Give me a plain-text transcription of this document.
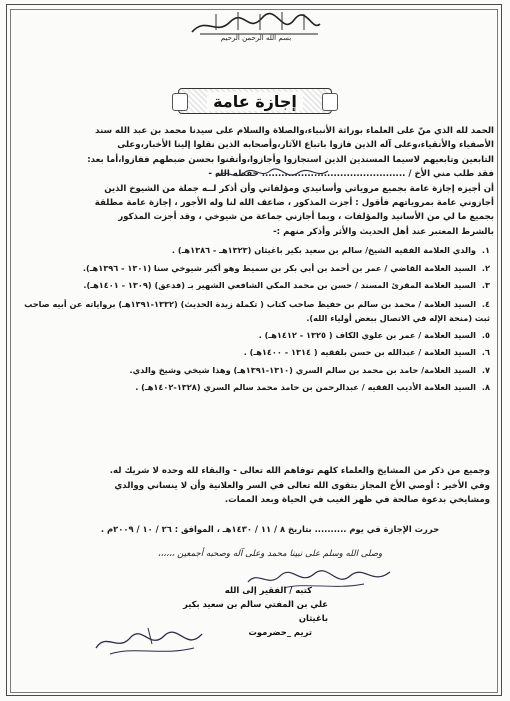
بسم الله الرحمن الرحيم
إجازة عامة
الحمد لله الذي منّ على العلماء بوراثة الأنبياء،والصلاة والسلام على سيدنا محمد بن عبد الله سند
الأصفياء والأتقياء،وعلى آله الذين فازوا باتباع الآثار،وأصحابه الذين نقلوا إلينا الأخبار،وعلى
التابعين وتابعيهم لاسيما المسندين الذين استجازوا وأجازوا،وأتقنوا بحسن ضبطهم ففازوا،أما بعد:
فقد طلب مني الأخ / ............................................ حفظه الله -
أن أجيزه إجازة عامة بجميع مروياتي وأسانيدي ومؤلفاتي وأن أذكر لــه جملة من الشيوخ الذين
أجازوني عامة بمروياتهم فأقول : أجزت المذكور ، ضاعف الله لنا وله الأجور ، إجازة عامة مطلقة
بجميع ما لي من الأسانيد والمؤلفات ، وبما أجازني جماعة من شيوخي ، وقد أجزت المذكور
بالشرط المعتبر عند أهل الحديث والأثر وأذكر منهم :-
١.والدي العلامة الفقيه الشيخ/ سالم بن سعيد بكير باغيثان (١٣٢٣هـ - ١٣٨٦هـ) .
٢.السيد العلامة القاضي / عمر بن أحمد بن أبي بكر بن سميط وهو أكبر شيوخي سنا (١٣٠١ - ١٣٩٦هـ).
٣.السيد العلامة المقرئ المسند / حسن بن محمد المكي الشافعي الشهير بـ (فدعق) (١٣٠٩ - ١٤٠١هـ).
٤.السيد العلامة / محمد بن سالم بن حفيظ صاحب كتاب ( تكملة زبدة الحديث) (١٣٣٢-١٣٩١هـ) برواياته عن أبيه صاحب ثبت (منحة الإله في الاتصال ببعض أولياء الله).
٥.السيد العلامة / عمر بن علوي الكاف ( ١٣٢٥ - ١٤١٢هـ) .
٦.السيد العلامة / عبدالله بن حسن بلفقيه ( ١٣١٤ - ١٤٠٠هـ) .
٧.السيد العلامة/ حامد بن محمد بن سالم السري (١٣١٠-١٣٩١هـ) وهذا شيخي وشيخ والدي.
٨.السيد العلامة الأديب الفقيه / عبدالرحمن بن حامد محمد سالم السري (١٣٢٨-١٤٠٢هـ) .
وجميع من ذكر من المشايخ والعلماء كلهم توفاهم الله تعالى - والبقاء لله وحده لا شريك له.
وفي الأخير : أوصي الأخ المجاز بتقوى الله تعالى في السر والعلانية وأن لا ينساني ووالدي
ومشايخي بدعوة صالحة في ظهر الغيب في الحياة وبعد الممات.
حررت الإجازة في يوم .......... بتاريخ ٨ / ١١ / ١٤٣٠هـ ، الموافق : ٢٦ / ١٠ / ٢٠٠٩م .
وصلى الله وسلم على نبينا محمد وعلى آله وصحبه أجمعين ،،،،،،
كتبه / الفقير إلى الله
علي بن المفتي سالم بن سعيد بكير باغيثان
تريم _حضرموت
